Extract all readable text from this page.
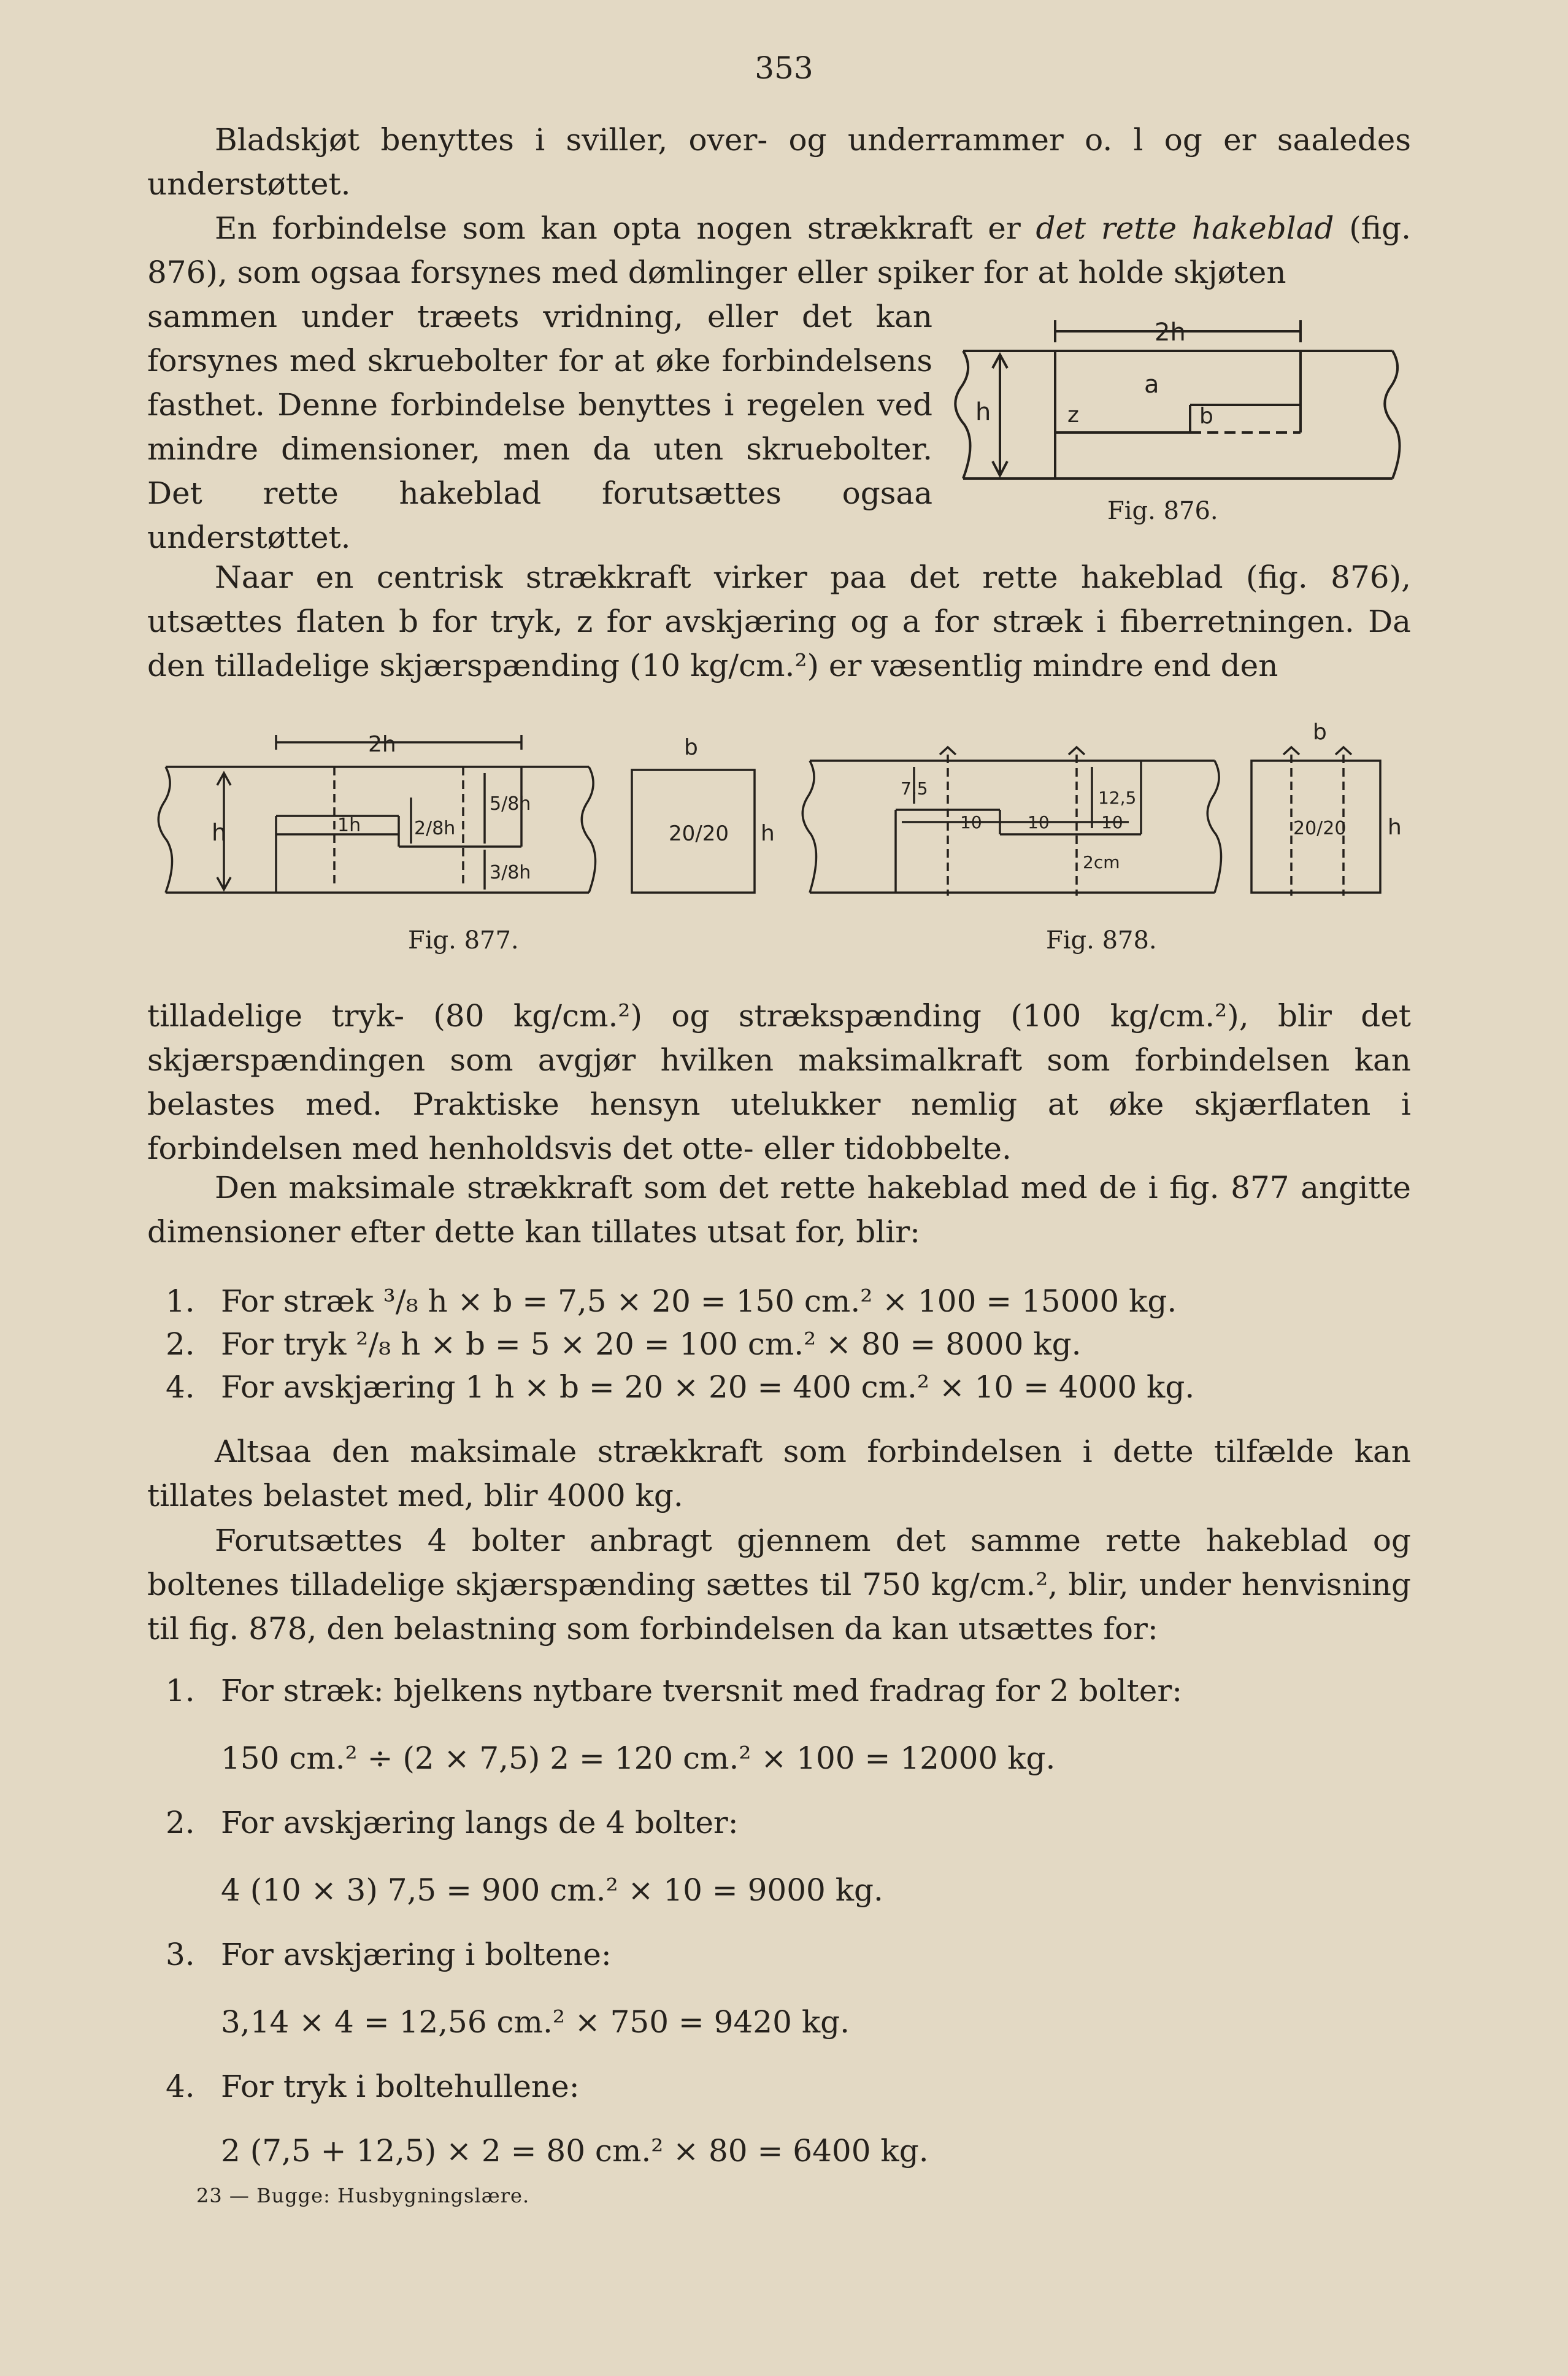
353

Bladskjøt benyttes i sviller, over- og underrammer o. l og er saaledes understøttet.

En forbindelse som kan opta nogen strækkraft er det rette hakeblad (fig. 876), som ogsaa forsynes med dømlinger eller spiker for at holde skjøten

sammen under træets vridning, eller det kan forsynes med skruebolter for at øke forbindelsens fasthet. Denne forbindelse benyttes i regelen ved mindre dimensioner, men da uten skruebolter. Det rette hakeblad forutsættes ogsaa understøttet.

2h
a
z	b
h
Fig. 876.

Naar en centrisk strækkraft virker paa det rette hakeblad (fig. 876), utsættes flaten b for tryk, z for avskjæring og a for stræk i fiberretningen. Da den tilladelige skjærspænding (10 kg/cm.²) er væsentlig mindre end den

2h
h	1h	2/8h
5/8h
3/8h
b
20/20 h
Fig. 877.
7,5	12,5
10	10	10
2cm
b
20/20 h
Fig. 878.

tilladelige tryk- (80 kg/cm.²) og strækspænding (100 kg/cm.²), blir det skjærspændingen som avgjør hvilken maksimalkraft som forbindelsen kan belastes med. Praktiske hensyn utelukker nemlig at øke skjærflaten i forbindelsen med henholdsvis det otte- eller tidobbelte.

Den maksimale strækkraft som det rette hakeblad med de i fig. 877 angitte dimensioner efter dette kan tillates utsat for, blir:

1. For stræk ³/₈ h × b = 7,5 × 20 = 150 cm.² × 100 = 15000 kg.
2. For tryk ²/₈ h × b = 5 × 20 = 100 cm.² × 80 = 8000 kg.
4. For avskjæring 1 h × b = 20 × 20 = 400 cm.² × 10 = 4000 kg.

Altsaa den maksimale strækkraft som forbindelsen i dette tilfælde kan tillates belastet med, blir 4000 kg.

Forutsættes 4 bolter anbragt gjennem det samme rette hakeblad og boltenes tilladelige skjærspænding sættes til 750 kg/cm.², blir, under henvisning til fig. 878, den belastning som forbindelsen da kan utsættes for:

1. For stræk: bjelkens nytbare tversnit med fradrag for 2 bolter:
150 cm.² ÷ (2 × 7,5) 2 = 120 cm.² × 100 = 12000 kg.
2. For avskjæring langs de 4 bolter:
4 (10 × 3) 7,5 = 900 cm.² × 10 = 9000 kg.
3. For avskjæring i boltene:
3,14 × 4 = 12,56 cm.² × 750 = 9420 kg.
4. For tryk i boltehullene:
2 (7,5 + 12,5) × 2 = 80 cm.² × 80 = 6400 kg.
23 — Bugge: Husbygningslære.
